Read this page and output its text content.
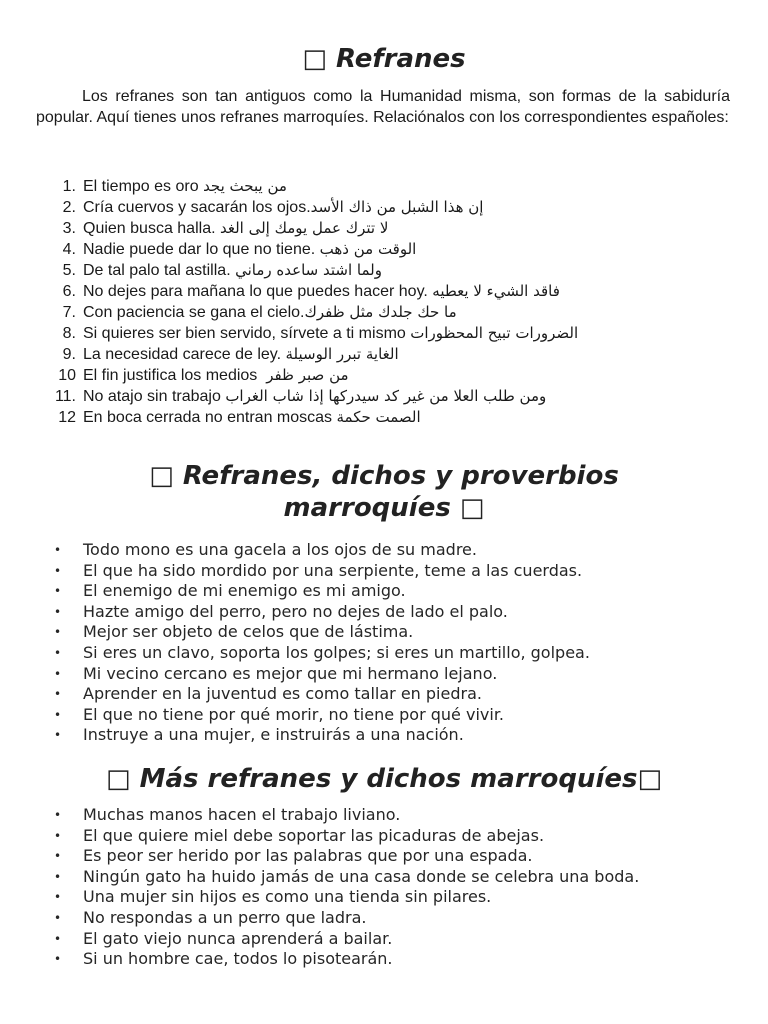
□ Refranes

Los refranes son tan antiguos como la Humanidad misma, son formas de la sabiduría popular. Aquí tienes unos refranes marroquíes. Relaciónalos con los correspondientes españoles:

1. El tiempo es oro من يبحث يجد
2. Cría cuervos y sacarán los ojos.إن هذا الشبل من ذاك الأسد
3. Quien busca halla. لا تترك عمل يومك إلى الغد
4. Nadie puede dar lo que no tiene. الوقت من ذهب
5. De tal palo tal astilla. ولما اشتد ساعده رماني
6. No dejes para mañana lo que puedes hacer hoy. فاقد الشيء لا يعطيه
7. Con paciencia se gana el cielo.ما حك جلدك مثل ظفرك
8. Si quieres ser bien servido, sírvete a ti mismo الضرورات تبيح المحظورات
9. La necesidad carece de ley. الغاية تبرر الوسيلة
10 El fin justifica los medios من صبر ظفر
11. No atajo sin trabajo ومن طلب العلا من غير كد سيدركها إذا شاب الغراب
12 En boca cerrada no entran moscas الصمت حكمة
□ Refranes, dichos y proverbios
marroquíes □
• Todo mono es una gacela a los ojos de su madre.
• El que ha sido mordido por una serpiente, teme a las cuerdas.
• El enemigo de mi enemigo es mi amigo.
• Hazte amigo del perro, pero no dejes de lado el palo.
• Mejor ser objeto de celos que de lástima.
• Si eres un clavo, soporta los golpes; si eres un martillo, golpea.
• Mi vecino cercano es mejor que mi hermano lejano.
• Aprender en la juventud es como tallar en piedra.
• El que no tiene por qué morir, no tiene por qué vivir.
• Instruye a una mujer, e instruirás a una nación.
□ Más refranes y dichos marroquíes□
• Muchas manos hacen el trabajo liviano.
• El que quiere miel debe soportar las picaduras de abejas.
• Es peor ser herido por las palabras que por una espada.
• Ningún gato ha huido jamás de una casa donde se celebra una boda.
• Una mujer sin hijos es como una tienda sin pilares.
• No respondas a un perro que ladra.
• El gato viejo nunca aprenderá a bailar.
• Si un hombre cae, todos lo pisotearán.
